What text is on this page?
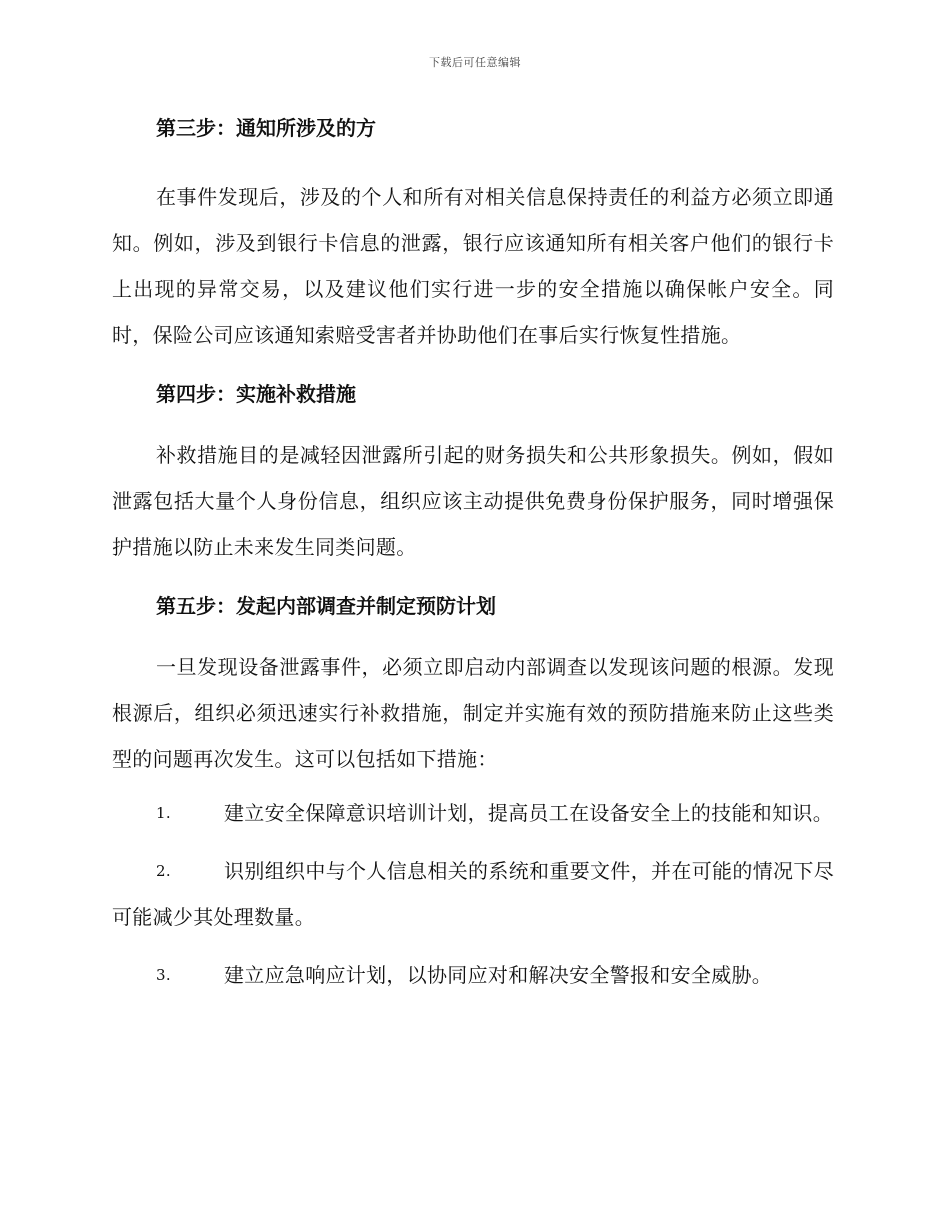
下载后可任意编辑

第三步：通知所涉及的方

在事件发现后，涉及的个人和所有对相关信息保持责任的利益方必须立即通知。例如，涉及到银行卡信息的泄露，银行应该通知所有相关客户他们的银行卡上出现的异常交易，以及建议他们实行进一步的安全措施以确保帐户安全。同时，保险公司应该通知索赔受害者并协助他们在事后实行恢复性措施。

第四步：实施补救措施

补救措施目的是减轻因泄露所引起的财务损失和公共形象损失。例如，假如泄露包括大量个人身份信息，组织应该主动提供免费身份保护服务，同时增强保护措施以防止未来发生同类问题。

第五步：发起内部调查并制定预防计划

一旦发现设备泄露事件，必须立即启动内部调查以发现该问题的根源。发现根源后，组织必须迅速实行补救措施，制定并实施有效的预防措施来防止这些类型的问题再次发生。这可以包括如下措施：

1.	建立安全保障意识培训计划，提高员工在设备安全上的技能和知识。

2.	识别组织中与个人信息相关的系统和重要文件，并在可能的情况下尽可能减少其处理数量。

3.	建立应急响应计划，以协同应对和解决安全警报和安全威胁。
